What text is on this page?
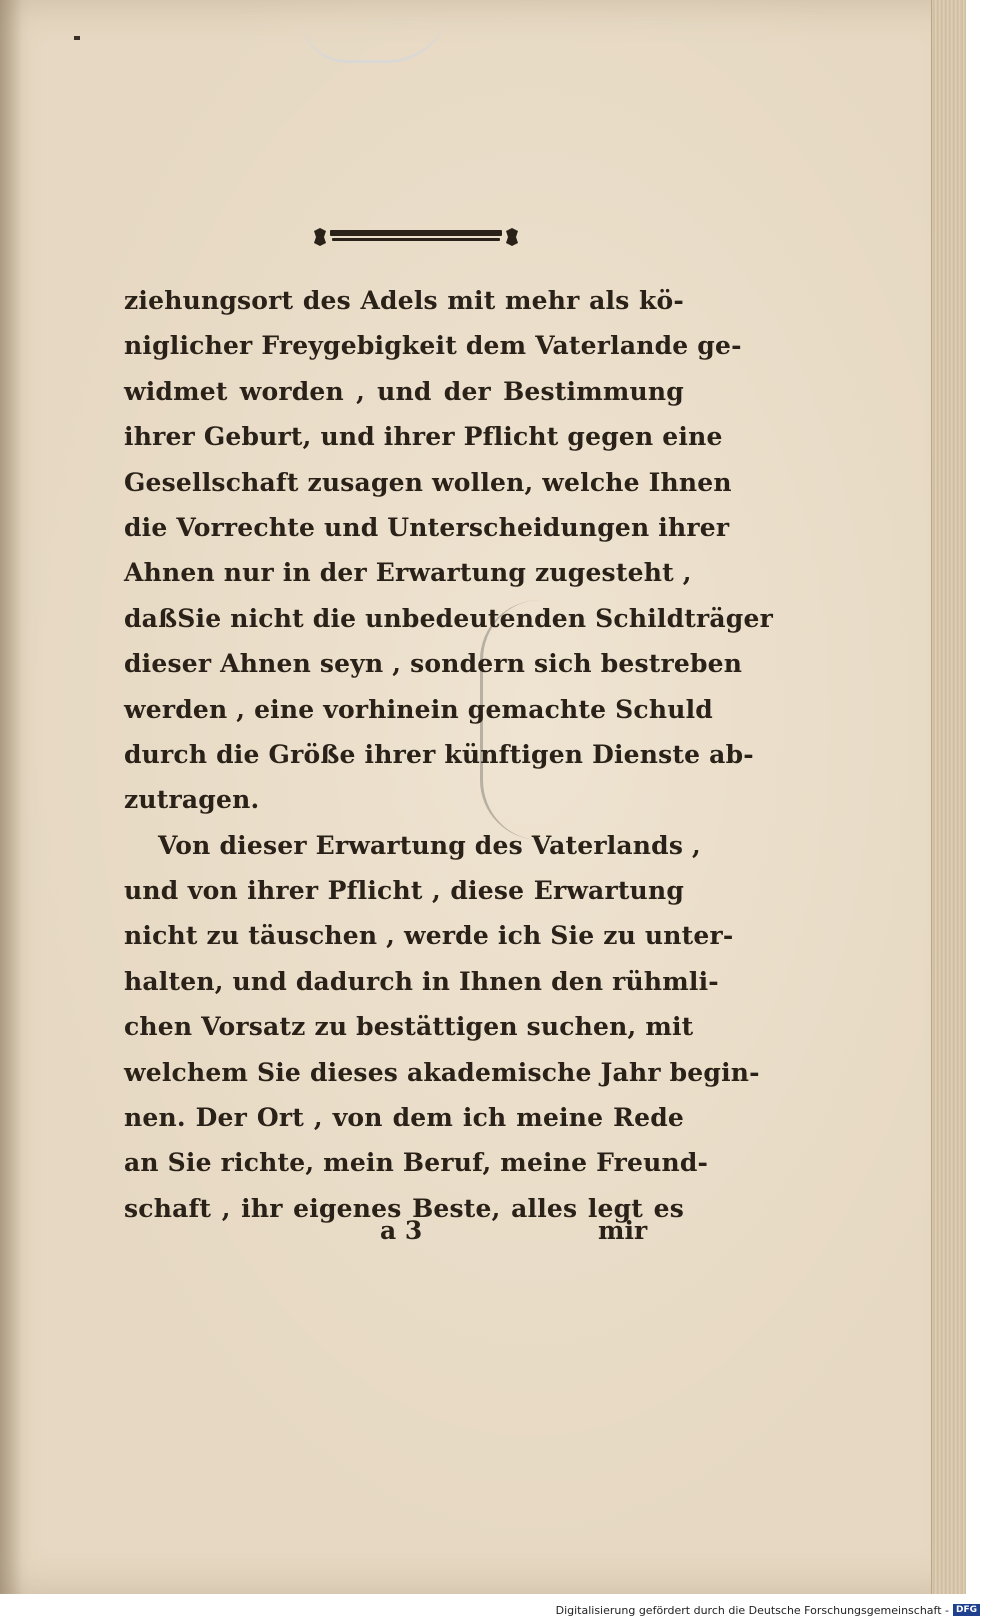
ziehungsort des Adels mit mehr als kö-
niglicher Freygebigkeit dem Vaterlande ge-
widmet worden , und der Bestimmung
ihrer Geburt, und ihrer Pflicht gegen eine
Gesellschaft zusagen wollen, welche Ihnen
die Vorrechte und Unterscheidungen ihrer
Ahnen nur in der Erwartung zugesteht ,
daßSie nicht die unbedeutenden Schildträger
dieser Ahnen seyn , sondern sich bestreben
werden , eine vorhinein gemachte Schuld
durch die Größe ihrer künftigen Dienste ab-
zutragen.
Von dieser Erwartung des Vaterlands ,
und von ihrer Pflicht , diese Erwartung
nicht zu täuschen , werde ich Sie zu unter-
halten, und dadurch in Ihnen den rühmli-
chen Vorsatz zu bestättigen suchen, mit
welchem Sie dieses akademische Jahr begin-
nen. Der Ort , von dem ich meine Rede
an Sie richte, mein Beruf, meine Freund-
schaft , ihr eigenes Beste, alles legt es
a 3	mir
Digitalisierung gefördert durch die Deutsche Forschungsgemeinschaft - DFG
